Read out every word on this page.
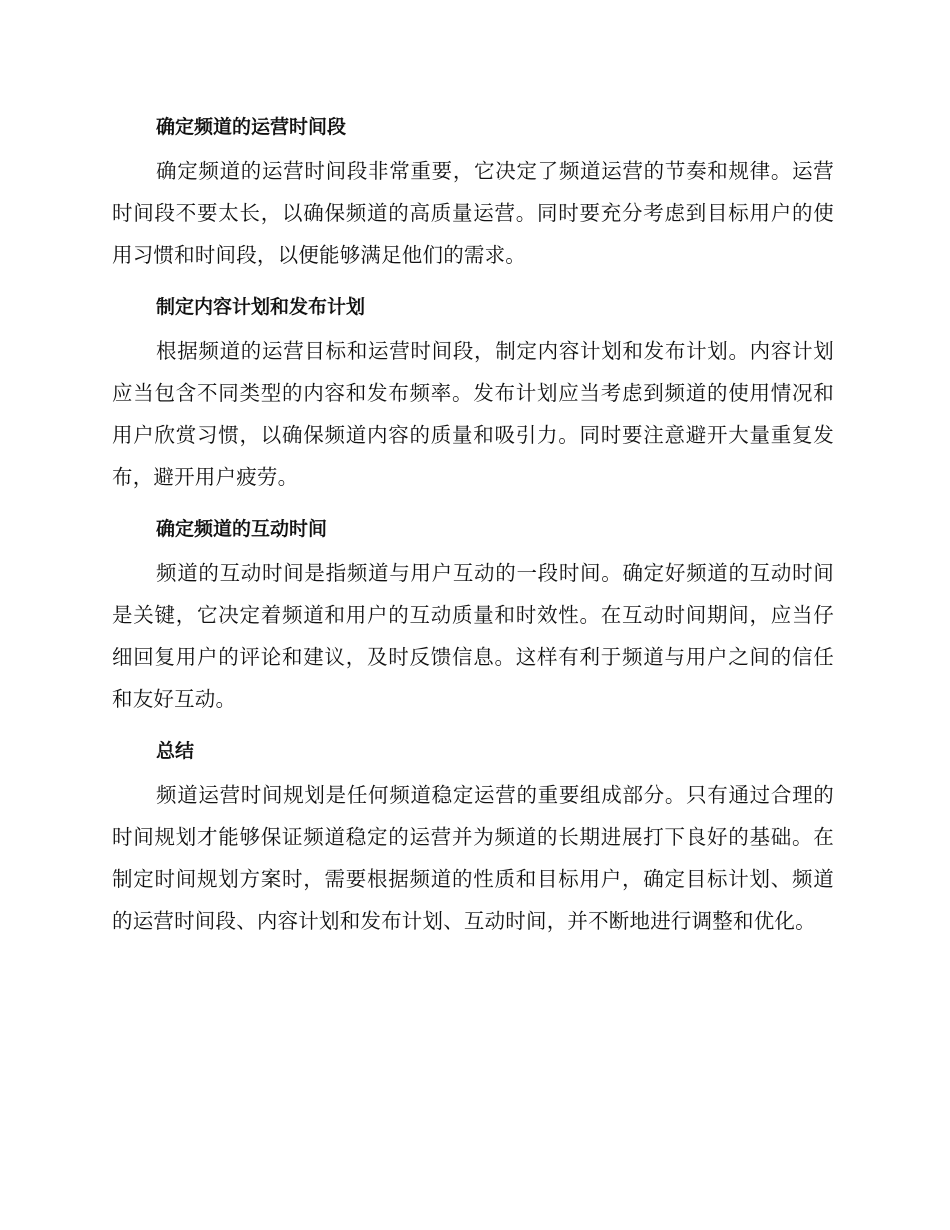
确定频道的运营时间段

确定频道的运营时间段非常重要，它决定了频道运营的节奏和规律。运营时间段不要太长，以确保频道的高质量运营。同时要充分考虑到目标用户的使用习惯和时间段，以便能够满足他们的需求。

制定内容计划和发布计划

根据频道的运营目标和运营时间段，制定内容计划和发布计划。内容计划应当包含不同类型的内容和发布频率。发布计划应当考虑到频道的使用情况和用户欣赏习惯，以确保频道内容的质量和吸引力。同时要注意避开大量重复发布，避开用户疲劳。

确定频道的互动时间

频道的互动时间是指频道与用户互动的一段时间。确定好频道的互动时间是关键，它决定着频道和用户的互动质量和时效性。在互动时间期间，应当仔细回复用户的评论和建议，及时反馈信息。这样有利于频道与用户之间的信任和友好互动。

总结

频道运营时间规划是任何频道稳定运营的重要组成部分。只有通过合理的时间规划才能够保证频道稳定的运营并为频道的长期进展打下良好的基础。在制定时间规划方案时，需要根据频道的性质和目标用户，确定目标计划、频道的运营时间段、内容计划和发布计划、互动时间，并不断地进行调整和优化。
